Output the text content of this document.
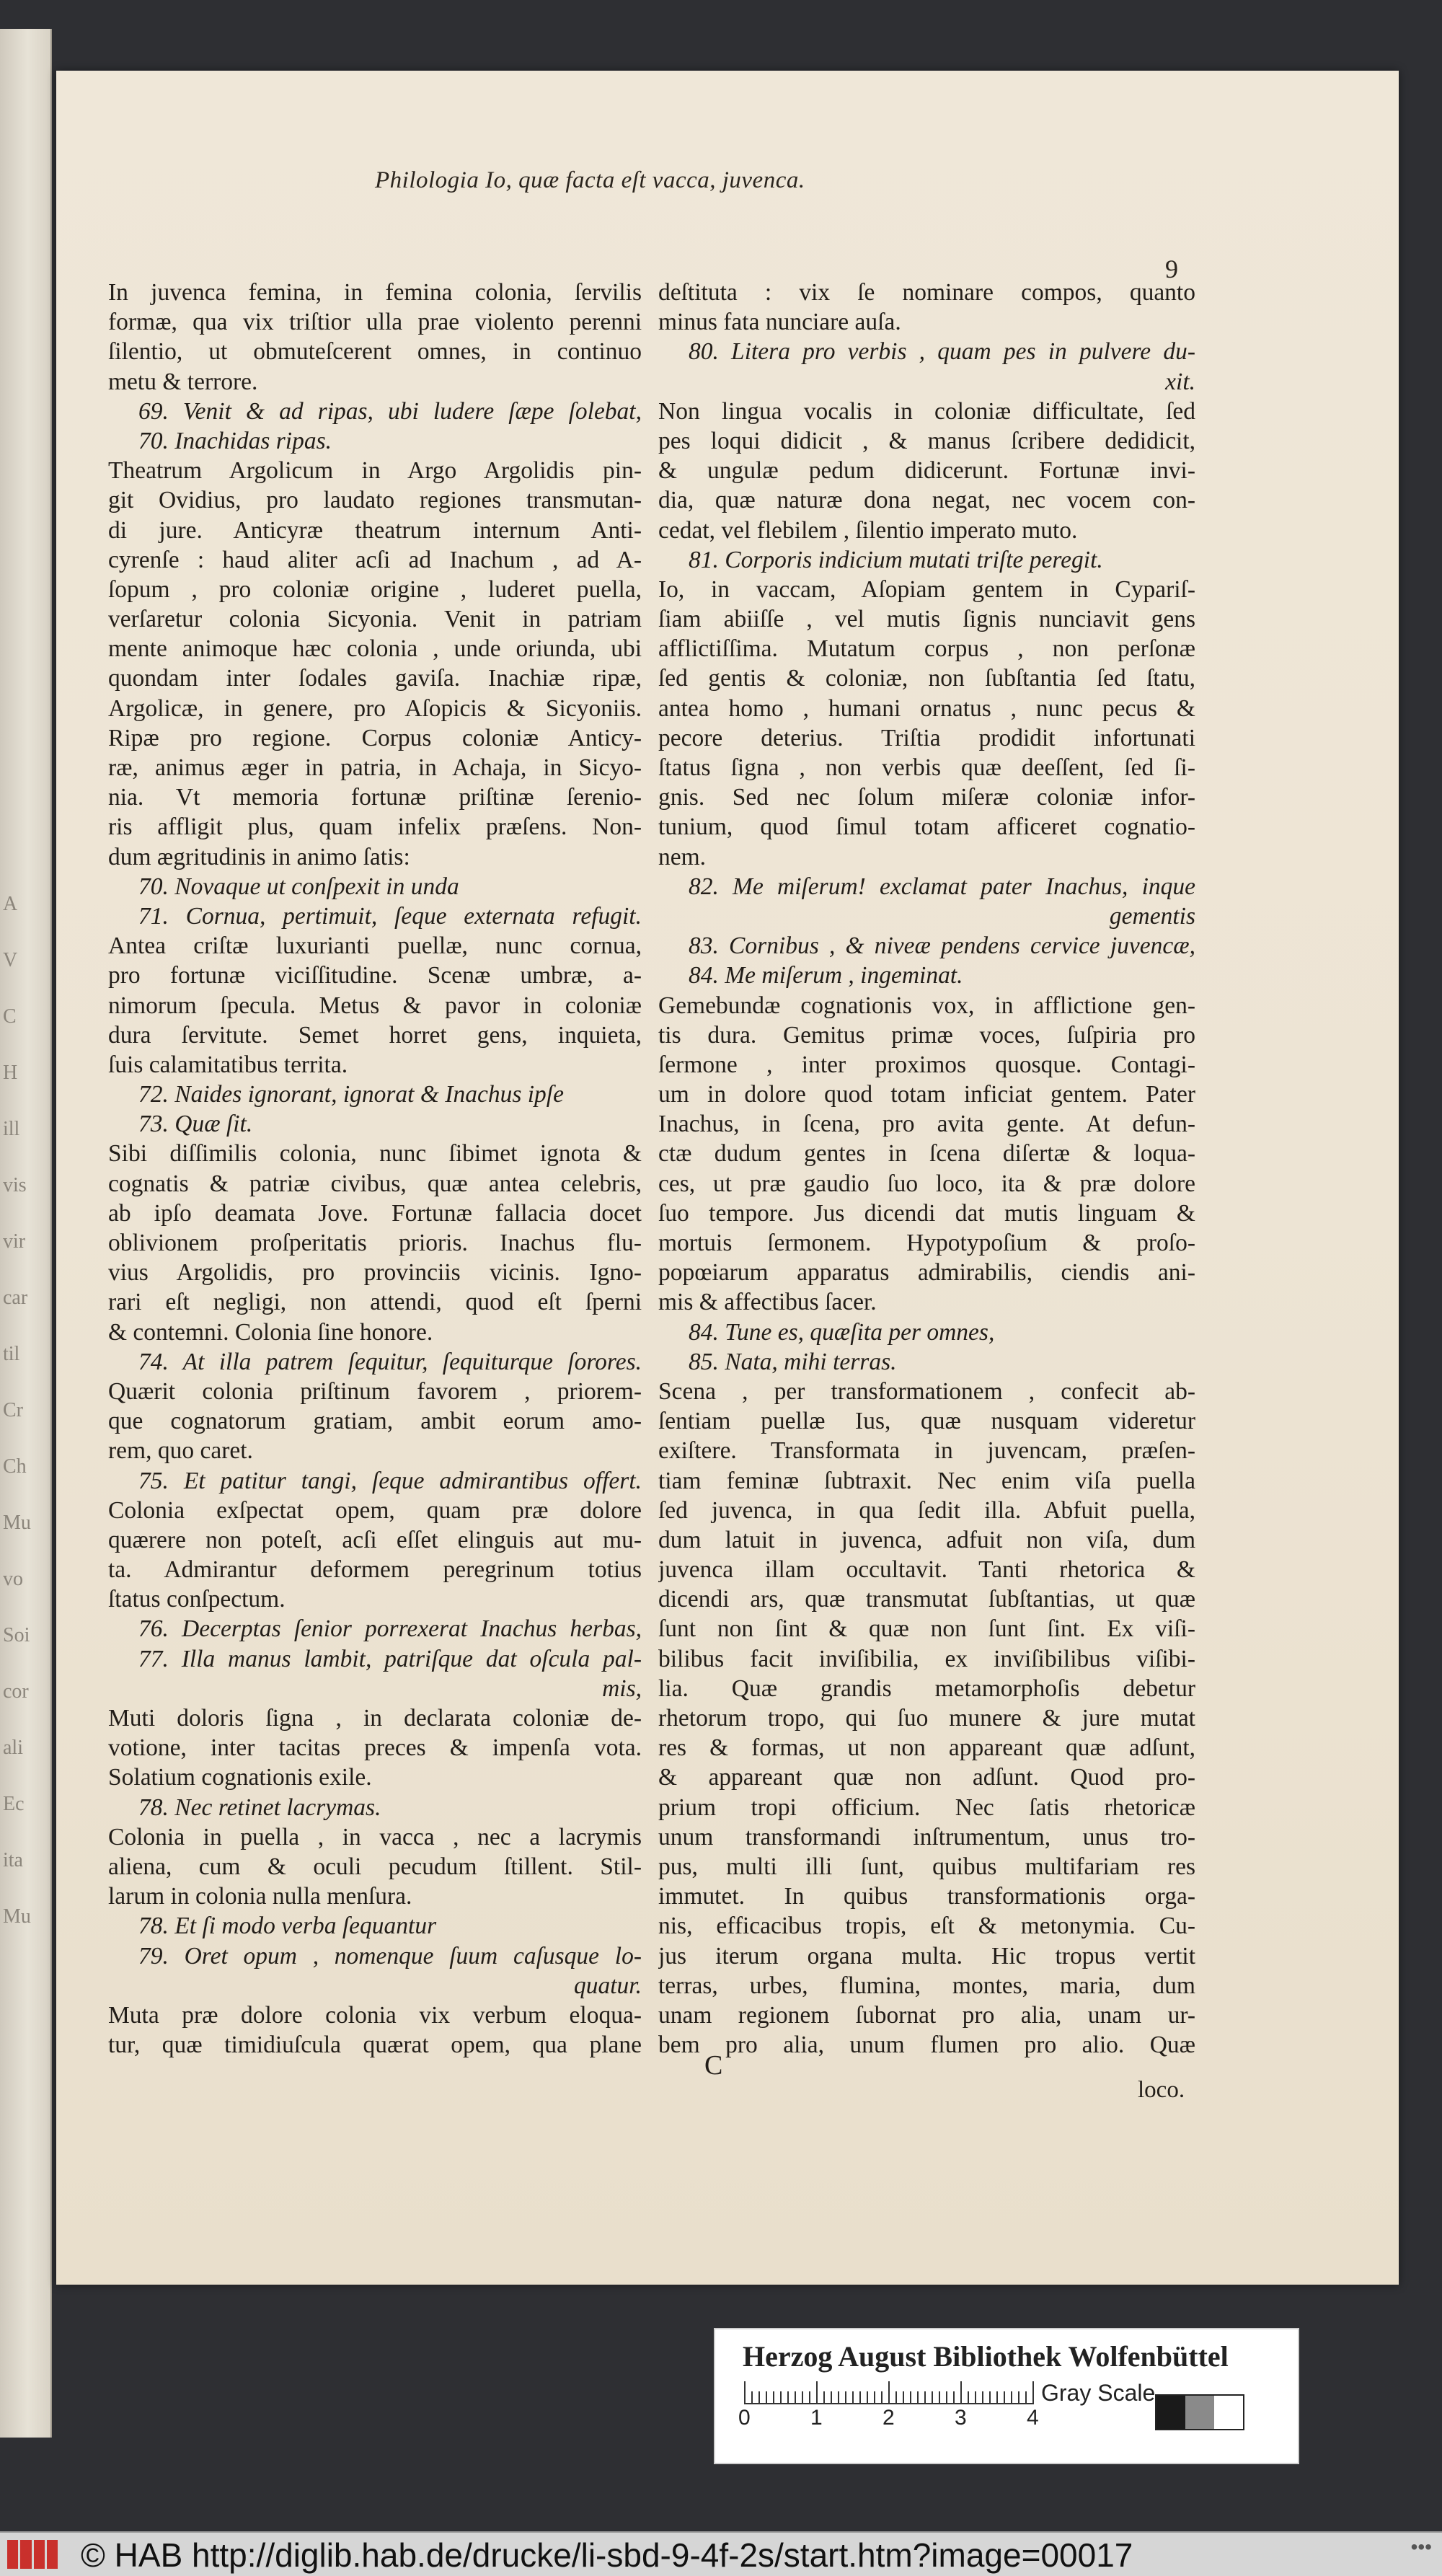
A
V
C
H
ill
vis
vir
car
til
Cr
Ch
Mu
vo
Soi
cor
ali
Ec
ita
Mu
Philologia Io, quæ facta eſt vacca, juvenca.
9
In juvenca femina, in femina colonia, ſervilis
formæ, qua vix triſtior ulla prae violento perenni
ſilentio, ut obmuteſcerent omnes, in continuo
metu & terrore.
69. Venit & ad ripas, ubi ludere ſæpe ſolebat,
70. Inachidas ripas.
Theatrum Argolicum in Argo Argolidis pin-
git Ovidius, pro laudato regiones transmutan-
di jure. Anticyræ theatrum internum Anti-
cyrenſe : haud aliter acſi ad Inachum , ad A-
ſopum , pro coloniæ origine , luderet puella,
verſaretur colonia Sicyonia. Venit in patriam
mente animoque hæc colonia , unde oriunda, ubi
quondam inter ſodales gaviſa. Inachiæ ripæ,
Argolicæ, in genere, pro Aſopicis & Sicyoniis.
Ripæ pro regione. Corpus coloniæ Anticy-
ræ, animus æger in patria, in Achaja, in Sicyo-
nia. Vt memoria fortunæ priſtinæ ſerenio-
ris affligit plus, quam infelix præſens. Non-
dum ægritudinis in animo ſatis:
70. Novaque ut conſpexit in unda
71. Cornua, pertimuit, ſeque externata refugit.
Antea criſtæ luxurianti puellæ, nunc cornua,
pro fortunæ viciſſitudine. Scenæ umbræ, a-
nimorum ſpecula. Metus & pavor in coloniæ
dura ſervitute. Semet horret gens, inquieta,
ſuis calamitatibus territa.
72. Naides ignorant, ignorat & Inachus ipſe
73. Quæ ſit.
Sibi diſſimilis colonia, nunc ſibimet ignota &
cognatis & patriæ civibus, quæ antea celebris,
ab ipſo deamata Jove. Fortunæ fallacia docet
oblivionem proſperitatis prioris. Inachus flu-
vius Argolidis, pro provinciis vicinis. Igno-
rari eſt negligi, non attendi, quod eſt ſperni
& contemni. Colonia ſine honore.
74. At illa patrem ſequitur, ſequiturque ſorores.
Quærit colonia priſtinum favorem , priorem-
que cognatorum gratiam, ambit eorum amo-
rem, quo caret.
75. Et patitur tangi, ſeque admirantibus offert.
Colonia exſpectat opem, quam præ dolore
quærere non poteſt, acſi eſſet elinguis aut mu-
ta. Admirantur deformem peregrinum totius
ſtatus conſpectum.
76. Decerptas ſenior porrexerat Inachus herbas,
77. Illa manus lambit, patriſque dat oſcula pal-
mis,
Muti doloris ſigna , in declarata coloniæ de-
votione, inter tacitas preces & impenſa vota.
Solatium cognationis exile.
78. Nec retinet lacrymas.
Colonia in puella , in vacca , nec a lacrymis
aliena, cum & oculi pecudum ſtillent. Stil-
larum in colonia nulla menſura.
78. Et ſi modo verba ſequantur
79. Oret opum , nomenque ſuum caſusque lo-
quatur.
Muta præ dolore colonia vix verbum eloqua-
tur, quæ timidiuſcula quærat opem, qua plane
deſtituta : vix ſe nominare compos, quanto
minus fata nunciare auſa.
80. Litera pro verbis , quam pes in pulvere du-
xit.
Non lingua vocalis in coloniæ difficultate, ſed
pes loqui didicit , & manus ſcribere dedidicit,
& ungulæ pedum didicerunt. Fortunæ invi-
dia, quæ naturæ dona negat, nec vocem con-
cedat, vel flebilem , ſilentio imperato muto.
81. Corporis indicium mutati triſte peregit.
Io, in vaccam, Aſopiam gentem in Cypariſ-
ſiam abiiſſe , vel mutis ſignis nunciavit gens
afflictiſſima. Mutatum corpus , non perſonæ
ſed gentis & coloniæ, non ſubſtantia ſed ſtatu,
antea homo , humani ornatus , nunc pecus &
pecore deterius. Triſtia prodidit infortunati
ſtatus ſigna , non verbis quæ deeſſent, ſed ſi-
gnis. Sed nec ſolum miſeræ coloniæ infor-
tunium, quod ſimul totam afficeret cognatio-
nem.
82. Me miſerum! exclamat pater Inachus, inque
gementis
83. Cornibus , & niveæ pendens cervice juvencæ,
84. Me miſerum , ingeminat.
Gemebundæ cognationis vox, in afflictione gen-
tis dura. Gemitus primæ voces, ſuſpiria pro
ſermone , inter proximos quosque. Contagi-
um in dolore quod totam inficiat gentem. Pater
Inachus, in ſcena, pro avita gente. At defun-
ctæ dudum gentes in ſcena diſertæ & loqua-
ces, ut præ gaudio ſuo loco, ita & præ dolore
ſuo tempore. Jus dicendi dat mutis linguam &
mortuis ſermonem. Hypotypoſium & proſo-
popœiarum apparatus admirabilis, ciendis ani-
mis & affectibus ſacer.
84. Tune es, quæſita per omnes,
85. Nata, mihi terras.
Scena , per transformationem , confecit ab-
ſentiam puellæ Ius, quæ nusquam videretur
exiſtere. Transformata in juvencam, præſen-
tiam feminæ ſubtraxit. Nec enim viſa puella
ſed juvenca, in qua ſedit illa. Abfuit puella,
dum latuit in juvenca, adfuit non viſa, dum
juvenca illam occultavit. Tanti rhetorica &
dicendi ars, quæ transmutat ſubſtantias, ut quæ
ſunt non ſint & quæ non ſunt ſint. Ex viſi-
bilibus facit inviſibilia, ex inviſibilibus viſibi-
lia. Quæ grandis metamorphoſis debetur
rhetorum tropo, qui ſuo munere & jure mutat
res & formas, ut non appareant quæ adſunt,
& appareant quæ non adſunt. Quod pro-
prium tropi officium. Nec ſatis rhetoricæ
unum transformandi inſtrumentum, unus tro-
pus, multi illi ſunt, quibus multifariam res
immutet. In quibus transformationis orga-
nis, efficacibus tropis, eſt & metonymia. Cu-
jus iterum organa multa. Hic tropus vertit
terras, urbes, flumina, montes, maria, dum
unam regionem ſubornat pro alia, unam ur-
bem pro alia, unum flumen pro alio. Quæ
C
loco.
Herzog August Bibliothek Wolfenbüttel
0	1	2	3	4
Gray Scale
© HAB http://diglib.hab.de/drucke/li-sbd-9-4f-2s/start.htm?image=00017	•••
